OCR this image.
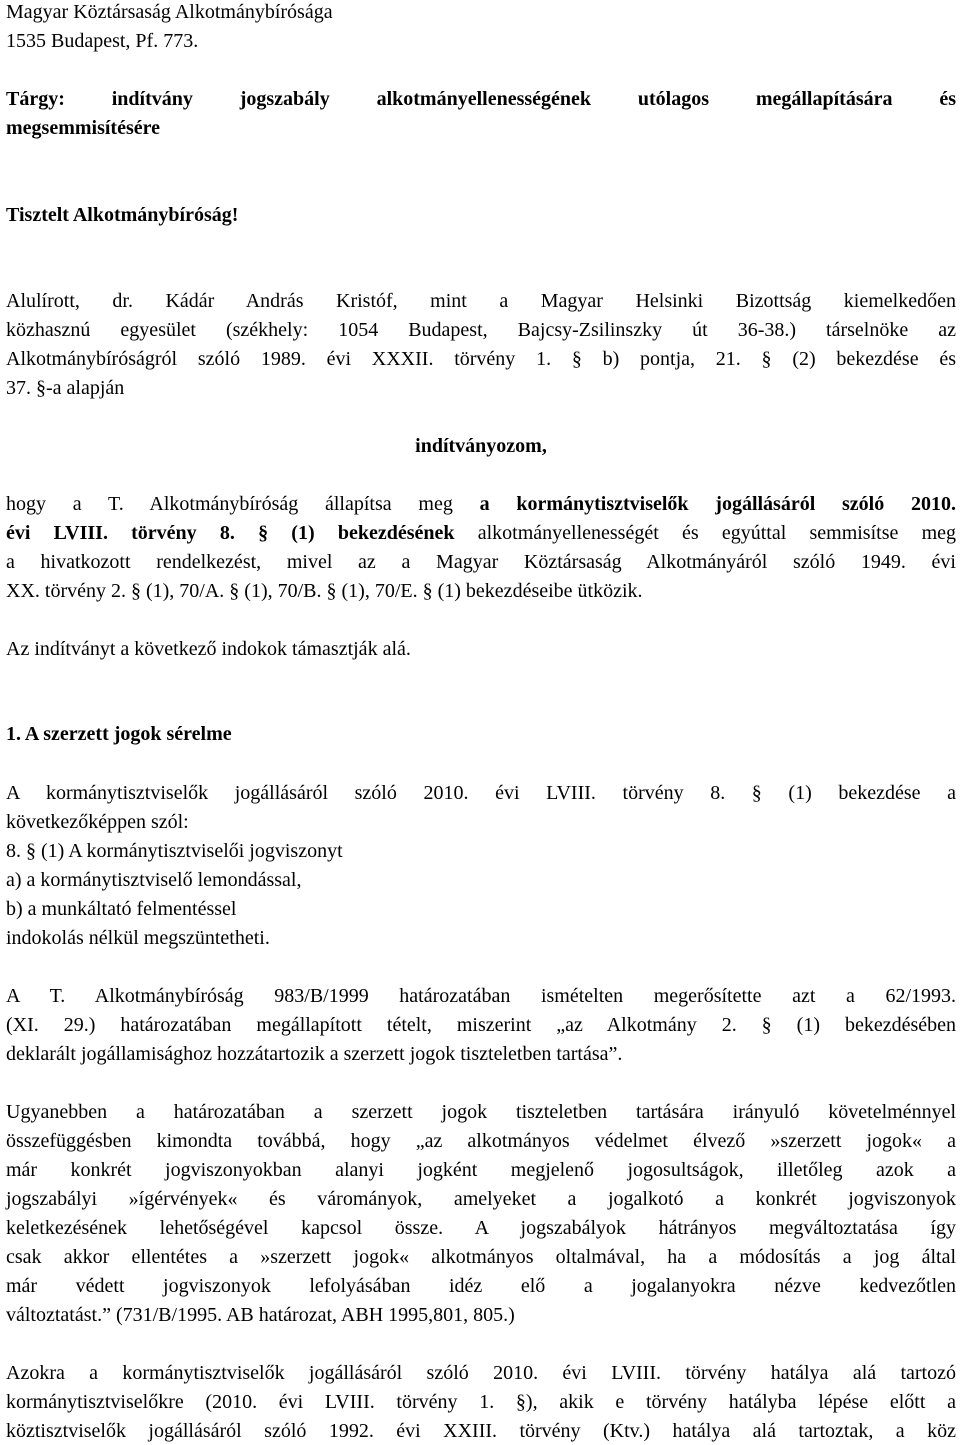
Magyar Köztársaság Alkotmánybírósága
1535 Budapest, Pf. 773.
Tárgy: indítvány jogszabály alkotmányellenességének utólagos megállapítására és
megsemmisítésére
Tisztelt Alkotmánybíróság!
Alulírott, dr. Kádár András Kristóf, mint a Magyar Helsinki Bizottság kiemelkedően
közhasznú egyesület (székhely: 1054 Budapest, Bajcsy-Zsilinszky út 36-38.) társelnöke az
Alkotmánybíróságról szóló 1989. évi XXXII. törvény 1. § b) pontja, 21. § (2) bekezdése és
37. §-a alapján
indítványozom,
hogy a T. Alkotmánybíróság állapítsa meg a kormánytisztviselők jogállásáról szóló 2010.
évi LVIII. törvény 8. § (1) bekezdésének alkotmányellenességét és egyúttal semmisítse meg
a hivatkozott rendelkezést, mivel az a Magyar Köztársaság Alkotmányáról szóló 1949. évi
XX. törvény 2. § (1), 70/A. § (1), 70/B. § (1), 70/E. § (1) bekezdéseibe ütközik.
Az indítványt a következő indokok támasztják alá.
1. A szerzett jogok sérelme
A kormánytisztviselők jogállásáról szóló 2010. évi LVIII. törvény 8. § (1) bekezdése a
következőképpen szól:
8. § (1) A kormánytisztviselői jogviszonyt
a) a kormánytisztviselő lemondással,
b) a munkáltató felmentéssel
indokolás nélkül megszüntetheti.
A T. Alkotmánybíróság 983/B/1999 határozatában ismételten megerősítette azt a 62/1993.
(XI. 29.) határozatában megállapított tételt, miszerint „az Alkotmány 2. § (1) bekezdésében
deklarált jogállamisághoz hozzátartozik a szerzett jogok tiszteletben tartása”.
Ugyanebben a határozatában a szerzett jogok tiszteletben tartására irányuló követelménnyel
összefüggésben kimondta továbbá, hogy „az alkotmányos védelmet élvező »szerzett jogok« a
már konkrét jogviszonyokban alanyi jogként megjelenő jogosultságok, illetőleg azok a
jogszabályi »ígérvények« és várományok, amelyeket a jogalkotó a konkrét jogviszonyok
keletkezésének lehetőségével kapcsol össze. A jogszabályok hátrányos megváltoztatása így
csak akkor ellentétes a »szerzett jogok« alkotmányos oltalmával, ha a módosítás a jog által
már védett jogviszonyok lefolyásában idéz elő a jogalanyokra nézve kedvezőtlen
változtatást.” (731/B/1995. AB határozat, ABH 1995,801, 805.)
Azokra a kormánytisztviselők jogállásáról szóló 2010. évi LVIII. törvény hatálya alá tartozó
kormánytisztviselőkre (2010. évi LVIII. törvény 1. §), akik e törvény hatályba lépése előtt a
köztisztviselők jogállásáról szóló 1992. évi XXIII. törvény (Ktv.) hatálya alá tartoztak, a köz
